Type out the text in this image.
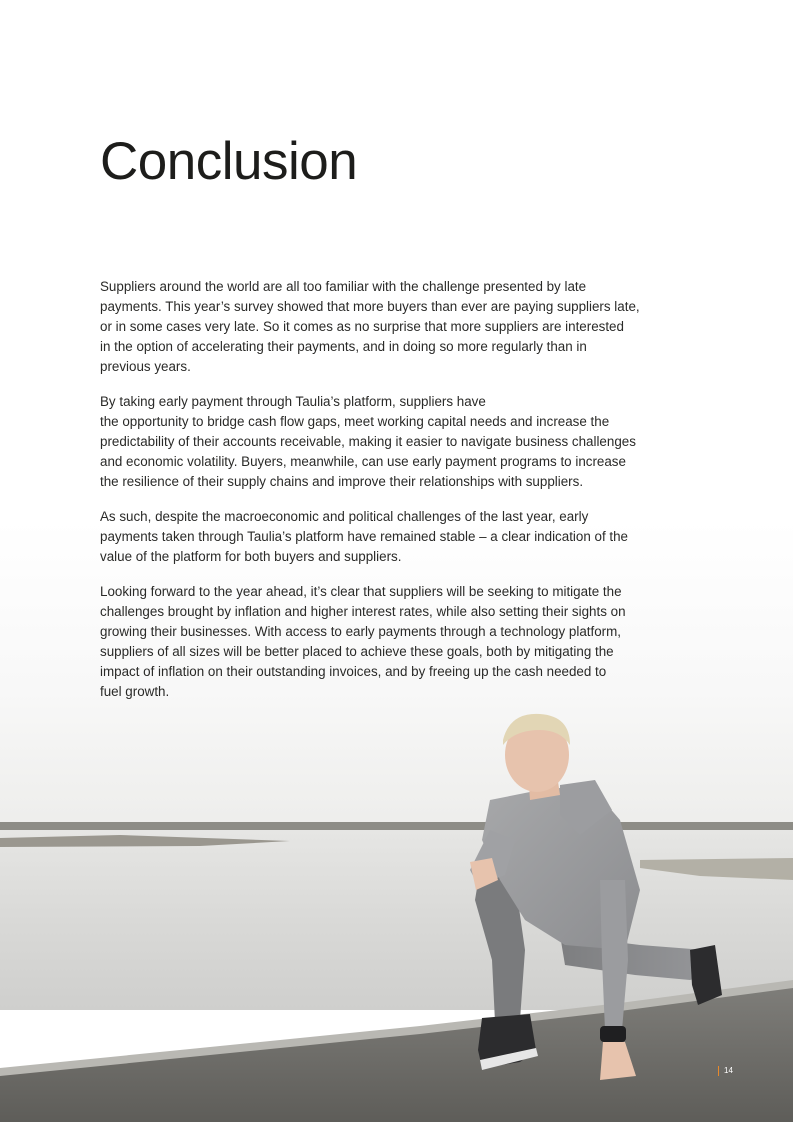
Conclusion

Suppliers around the world are all too familiar with the challenge presented by late
payments. This year’s survey showed that more buyers than ever are paying suppliers late,
or in some cases very late. So it comes as no surprise that more suppliers are interested
in the option of accelerating their payments, and in doing so more regularly than in
previous years.

By taking early payment through Taulia’s platform, suppliers have
the opportunity to bridge cash flow gaps, meet working capital needs and increase the
predictability of their accounts receivable, making it easier to navigate business challenges
and economic volatility. Buyers, meanwhile, can use early payment programs to increase
the resilience of their supply chains and improve their relationships with suppliers.

As such, despite the macroeconomic and political challenges of the last year, early
payments taken through Taulia’s platform have remained stable – a clear indication of the
value of the platform for both buyers and suppliers.

Looking forward to the year ahead, it’s clear that suppliers will be seeking to mitigate the
challenges brought by inflation and higher interest rates, while also setting their sights on
growing their businesses. With access to early payments through a technology platform,
suppliers of all sizes will be better placed to achieve these goals, both by mitigating the
impact of inflation on their outstanding invoices, and by freeing up the cash needed to
fuel growth.

14
